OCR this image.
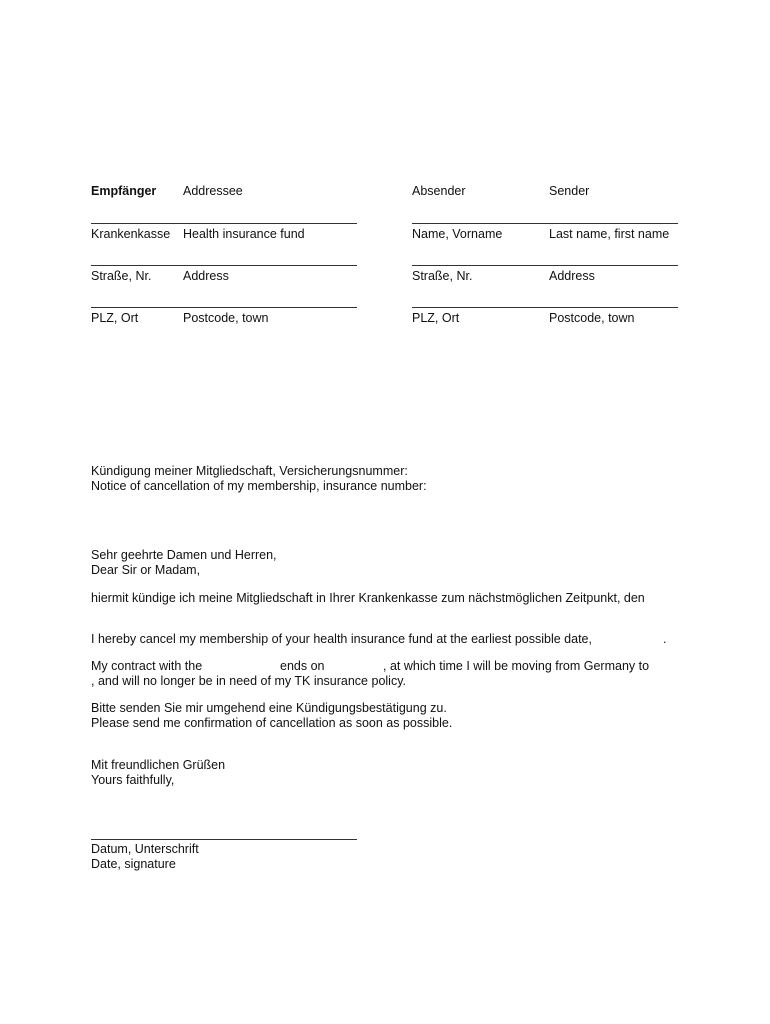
Empfänger Addressee
Krankenkasse Health insurance fund
Straße, Nr.	Address
PLZ, Ort	Postcode, town
Absender	Sender
Name, Vorname	Last name, first name
Straße, Nr.	Address
PLZ, Ort	Postcode, town
Kündigung meiner Mitgliedschaft, Versicherungsnummer:
Notice of cancellation of my membership, insurance number:
Sehr geehrte Damen und Herren,
Dear Sir or Madam,
hiermit kündige ich meine Mitgliedschaft in Ihrer Krankenkasse zum nächstmöglichen Zeitpunkt, den
I hereby cancel my membership of your health insurance fund at the earliest possible date,	.
My contract with the	ends on	, at which time I will be moving from Germany to
, and will no longer be in need of my TK insurance policy.
Bitte senden Sie mir umgehend eine Kündigungsbestätigung zu.
Please send me confirmation of cancellation as soon as possible.
Mit freundlichen Grüßen
Yours faithfully,
Datum, Unterschrift
Date, signature
